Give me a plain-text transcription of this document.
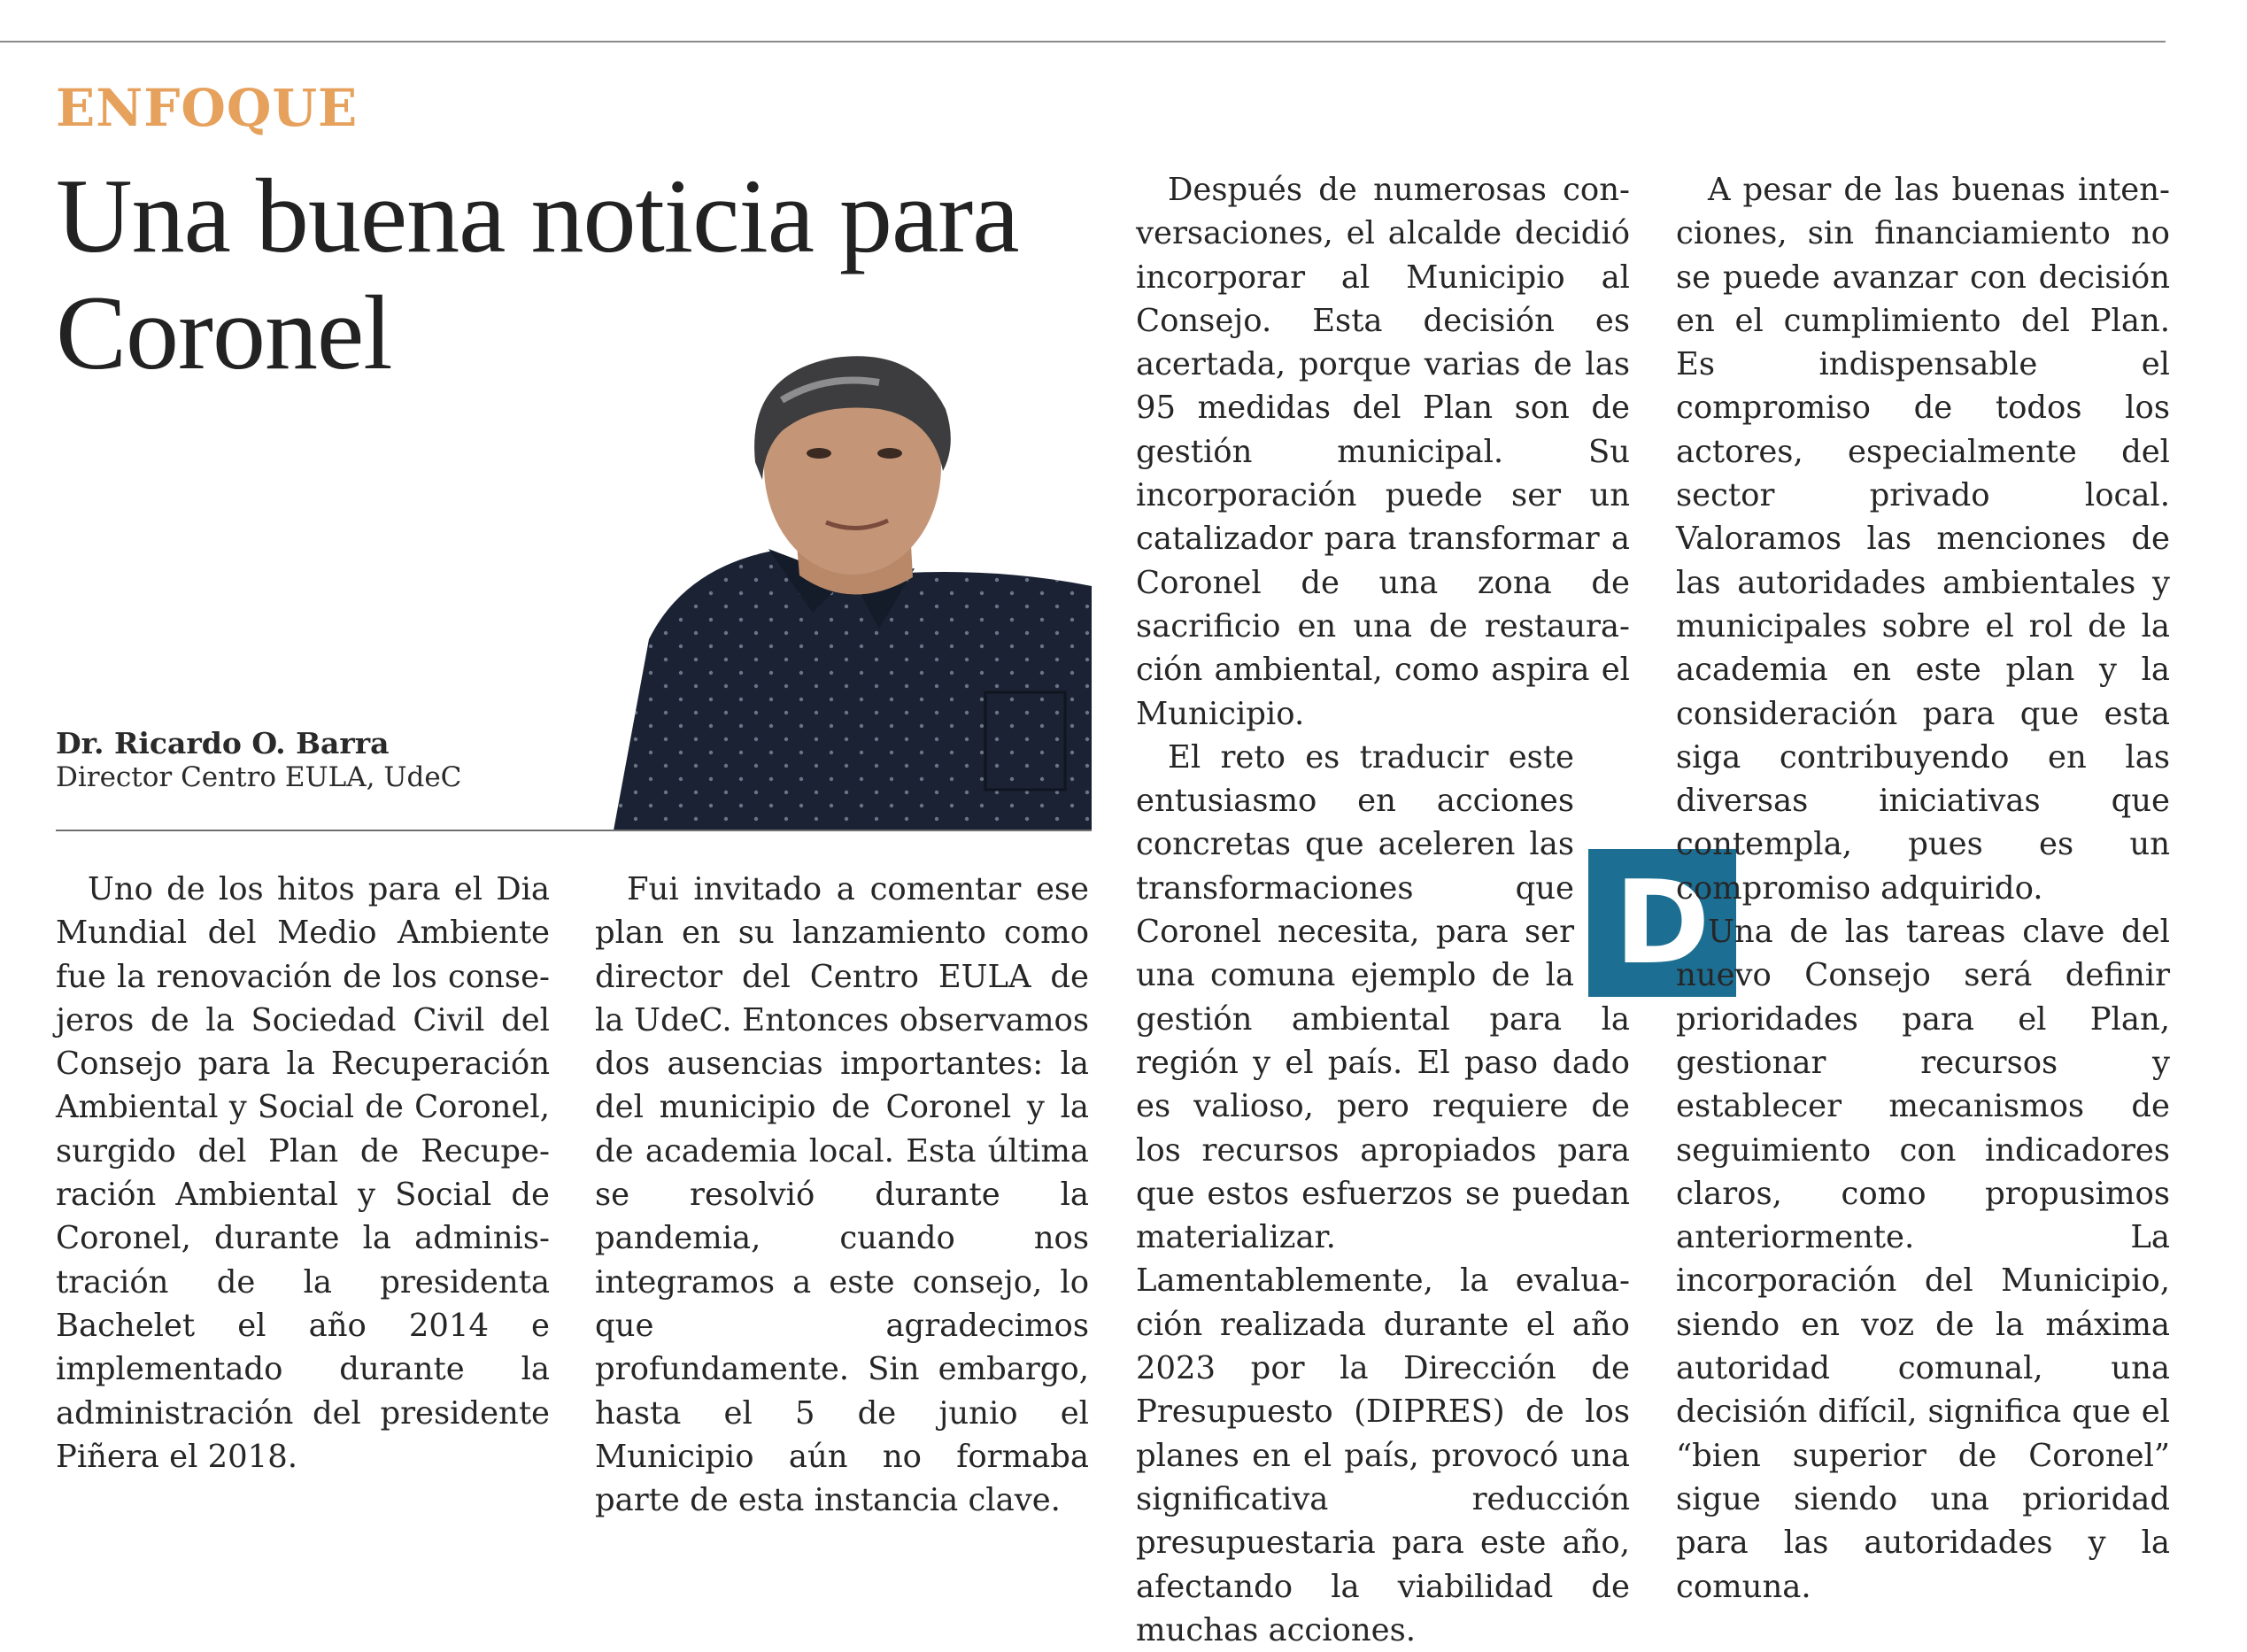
ENFOQUE
Una buena noticia para Coronel
Dr. Ricardo O. Barra
Director Centro EULA, UdeC

Uno de los hitos para el Dia Mundial del Medio Ambiente fue la renovación de los consejeros de la Sociedad Civil del Consejo para la Recuperación Ambiental y Social de Coronel, surgido del Plan de Recuperación Ambiental y Social de Coronel, durante la administración de la presidenta Bachelet el año 2014 e implementado durante la administración del presidente Piñera el 2018.

Fui invitado a comentar ese plan en su lanzamiento como director del Centro EULA de la UdeC. Entonces observamos dos ausencias importantes: la del municipio de Coronel y la de academia local. Esta última se resolvió durante la pandemia, cuando nos integramos a este consejo, lo que agradecimos profundamente. Sin embargo, hasta el 5 de junio el Municipio aún no formaba parte de esta instancia clave.

Después de numerosas conversaciones, el alcalde decidió incorporar al Municipio al Consejo. Esta decisión es acertada, porque varias de las 95 medidas del Plan son de gestión municipal. Su incorporación puede ser un catalizador para transformar a Coronel de una zona de sacrificio en una de restauración ambiental, como aspira el Municipio.

D

El reto es traducir este entusiasmo en acciones concretas que aceleren las transformaciones que Coronel necesita, para ser una comuna ejemplo de la gestión ambiental para la región y el país. El paso dado es valioso, pero requiere de los recursos apropiados para que estos esfuerzos se puedan materializar. Lamentablemente, la evaluación realizada durante el año 2023 por la Dirección de Presupuesto (DIPRES) de los planes en el país, provocó una significativa reducción presupuestaria para este año, afectando la viabilidad de muchas acciones.

A pesar de las buenas intenciones, sin financiamiento no se puede avanzar con decisión en el cumplimiento del Plan. Es indispensable el compromiso de todos los actores, especialmente del sector privado local. Valoramos las menciones de las autoridades ambientales y municipales sobre el rol de la academia en este plan y la consideración para que esta siga contribuyendo en las diversas iniciativas que contempla, pues es un compromiso adquirido.

Una de las tareas clave del nuevo Consejo será definir prioridades para el Plan, gestionar recursos y establecer mecanismos de seguimiento con indicadores claros, como propusimos anteriormente. La incorporación del Municipio, siendo en voz de la máxima autoridad comunal, una decisión difícil, significa que el “bien superior de Coronel” sigue siendo una prioridad para las autoridades y la comuna.
